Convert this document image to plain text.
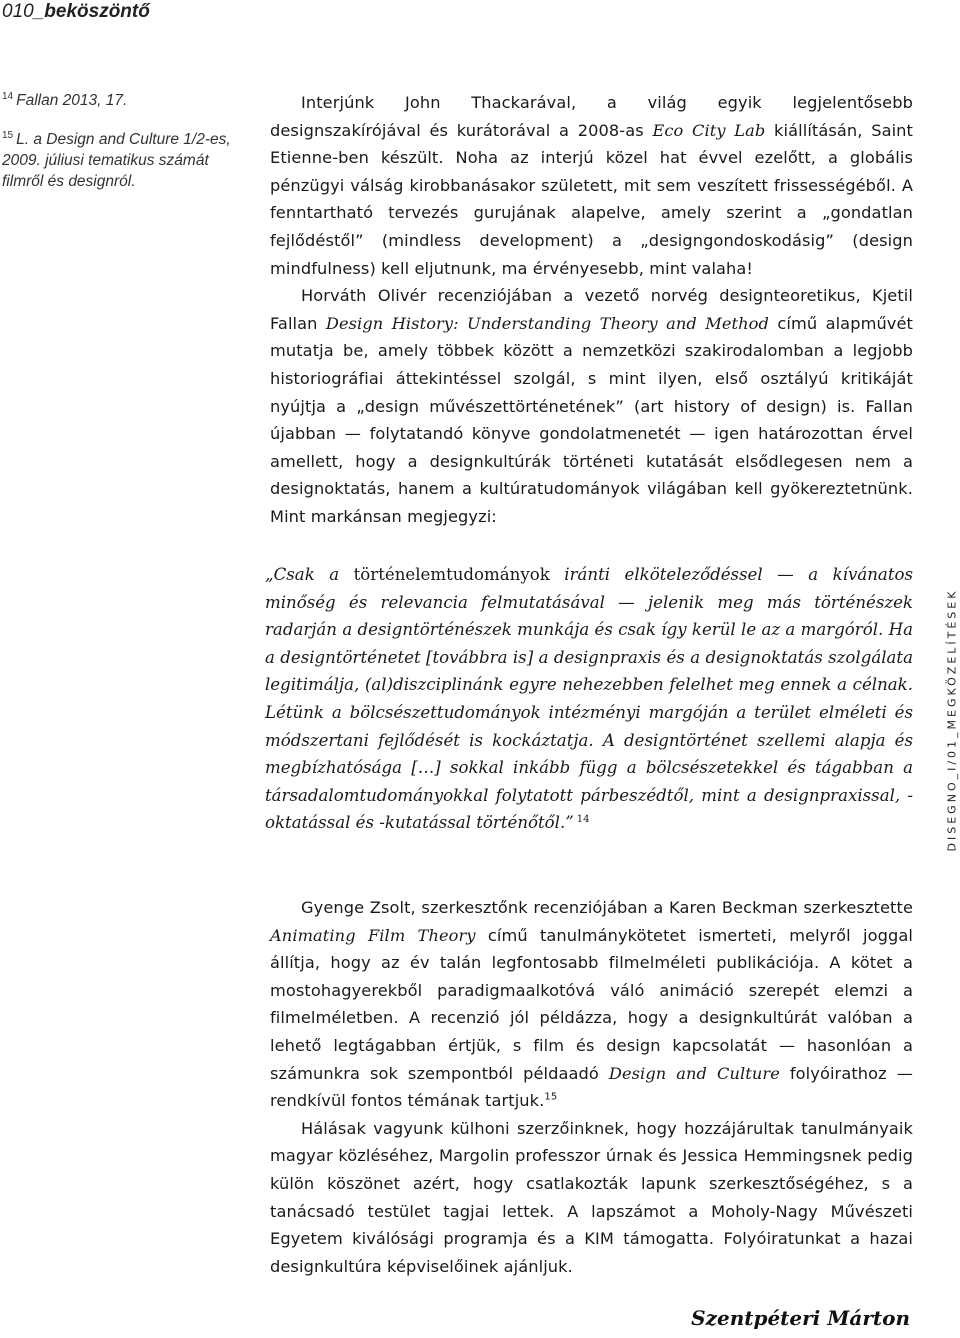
010_beköszöntő
$^{14}$ Fallan 2013, 17.
$^{15}$ L. a Design and Culture 1/2-es, 2009. júliusi tematikus számát filmről és designról.

Interjúnk John Thackarával, a világ egyik legjelentősebb designszakírójával és kurátorával a 2008-as Eco City Lab kiállításán, Saint Etienne-ben készült. Noha az interjú közel hat évvel ezelőtt, a globális pénzügyi válság kirobbanásakor született, mit sem veszített frissességéből. A fenntartható tervezés gurujának alapelve, amely szerint a „gondatlan fejlődéstől” (mindless development) a „designgondoskodásig” (design mindfulness) kell eljutnunk, ma érvényesebb, mint valaha!

Horváth Olivér recenziójában a vezető norvég designteoretikus, Kjetil Fallan Design History: Understanding Theory and Method című alapművét mutatja be, amely többek között a nemzetközi szakirodalomban a legjobb historiográfiai áttekintéssel szolgál, s mint ilyen, első osztályú kritikáját nyújtja a „design művészettörténetének” (art history of design) is. Fallan újabban — folytatandó könyve gondolatmenetét — igen határozottan érvel amellett, hogy a designkultúrák történeti kutatását elsődlegesen nem a designoktatás, hanem a kultúratudományok világában kell gyökereztetnünk. Mint markánsan megjegyzi:

„Csak a történelemtudományok iránti elköteleződéssel — a kívánatos minőség és relevancia felmutatásával — jelenik meg más történészek radarján a designtörténészek munkája és csak így kerül le az a margóról. Ha a designtörténetet [továbbra is] a designpraxis és a designoktatás szolgálata legitimálja, (al)diszciplinánk egyre nehezebben felelhet meg ennek a célnak. Létünk a bölcsészettudományok intézményi margóján a terület elméleti és módszertani fejlődését is kockáztatja. A designtörténet szellemi alapja és megbízhatósága […] sokkal inkább függ a bölcsészetekkel és tágabban a társadalomtudományokkal folytatott párbeszédtől, mint a designpraxissal, -oktatással és -kutatással történőtől.” $^{14}$

Gyenge Zsolt, szerkesztőnk recenziójában a Karen Beckman szerkesztette Animating Film Theory című tanulmánykötetet ismerteti, melyről joggal állítja, hogy az év talán legfontosabb filmelméleti publikációja. A kötet a mostohagyerekből paradigmaalkotóvá váló animáció szerepét elemzi a filmelméletben. A recenzió jól példázza, hogy a designkultúrát valóban a lehető legtágabban értjük, s film és design kapcsolatát — hasonlóan a számunkra sok szempontból példaadó Design and Culture folyóirathoz — rendkívül fontos témának tartjuk.$^{15}$

Hálásak vagyunk külhoni szerzőinknek, hogy hozzájárultak tanulmányaik magyar közléséhez, Margolin professzor úrnak és Jessica Hemmingsnek pedig külön köszönet azért, hogy csatlakozták lapunk szerkesztőségéhez, s a tanácsadó testület tagjai lettek. A lapszámot a Moholy-Nagy Művészeti Egyetem kiválósági programja és a KIM támogatta. Folyóiratunkat a hazai designkultúra képviselőinek ajánljuk.

Szentpéteri Márton
DISEGNO_I/01_MEGKÖZELÍTÉSEK
